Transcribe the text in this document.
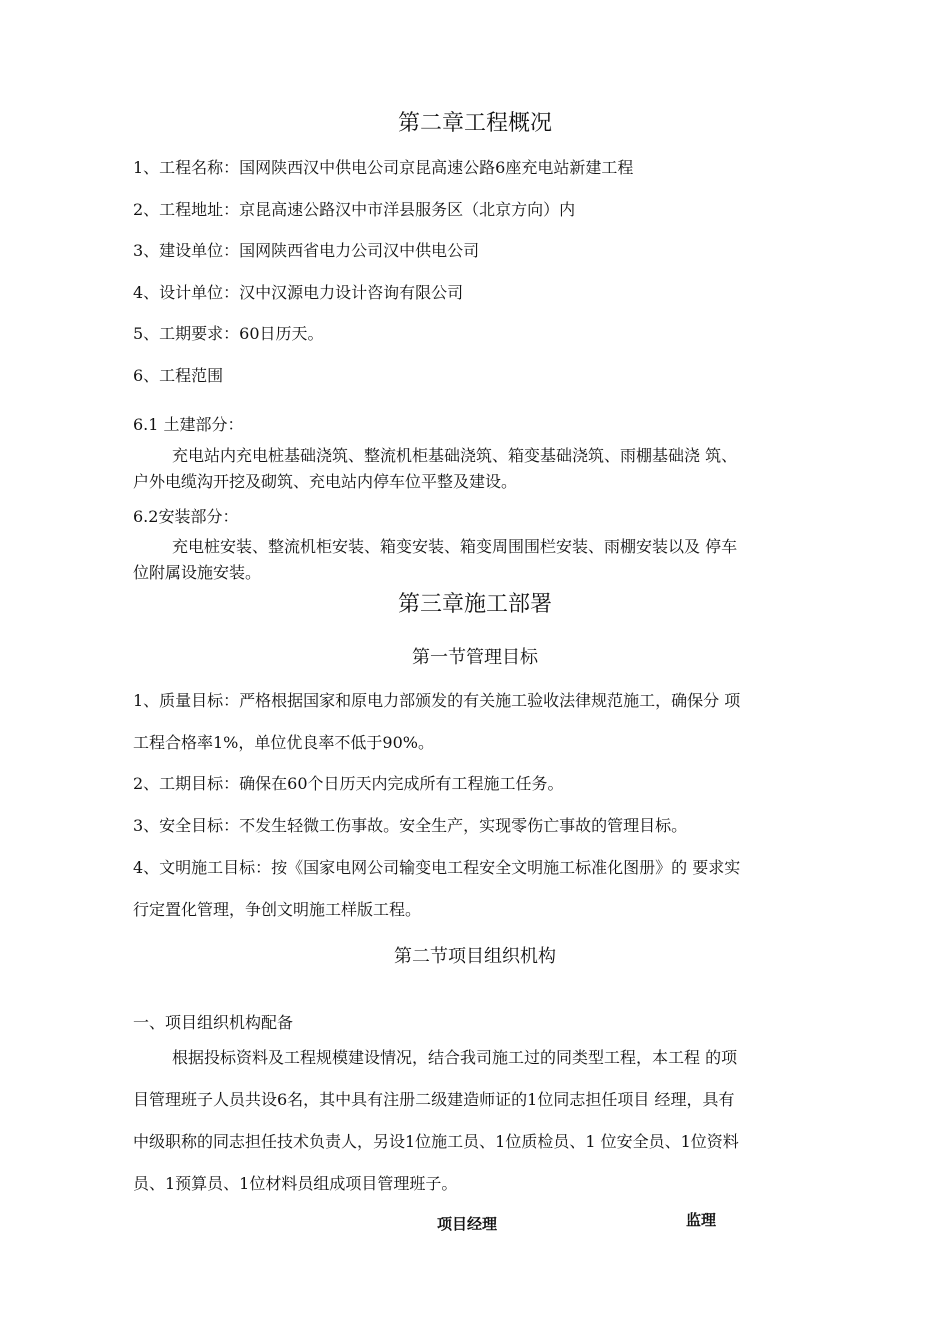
第二章工程概况
1、工程名称：国网陕西汉中供电公司京昆高速公路6座充电站新建工程
2、工程地址：京昆高速公路汉中市洋县服务区（北京方向）内
3、建设单位：国网陕西省电力公司汉中供电公司
4、设计单位：汉中汉源电力设计咨询有限公司
5、工期要求：60日历天。
6、工程范围
6.1 土建部分：
充电站内充电桩基础浇筑、整流机柜基础浇筑、箱变基础浇筑、雨棚基础浇 筑、
户外电缆沟开挖及砌筑、充电站内停车位平整及建设。
6.2安装部分：
充电桩安装、整流机柜安装、箱变安装、箱变周围围栏安装、雨棚安装以及 停车
位附属设施安装。
第三章施工部署
第一节管理目标
1、质量目标：严格根据国家和原电力部颁发的有关施工验收法律规范施工，确保分 项
工程合格率1%，单位优良率不低于90%。
2、工期目标：确保在60个日历天内完成所有工程施工任务。
3、安全目标：不发生轻微工伤事故。安全生产，实现零伤亡事故的管理目标。
4、文明施工目标：按《国家电网公司输变电工程安全文明施工标准化图册》的 要求实
行定置化管理，争创文明施工样版工程。
第二节项目组织机构
一、项目组织机构配备
根据投标资料及工程规模建设情况，结合我司施工过的同类型工程，本工程 的项
目管理班子人员共设6名，其中具有注册二级建造师证的1位同志担任项目 经理，具有
中级职称的同志担任技术负责人，另设1位施工员、1位质检员、1 位安全员、1位资料
员、1预算员、1位材料员组成项目管理班子。
项目经理	监理
